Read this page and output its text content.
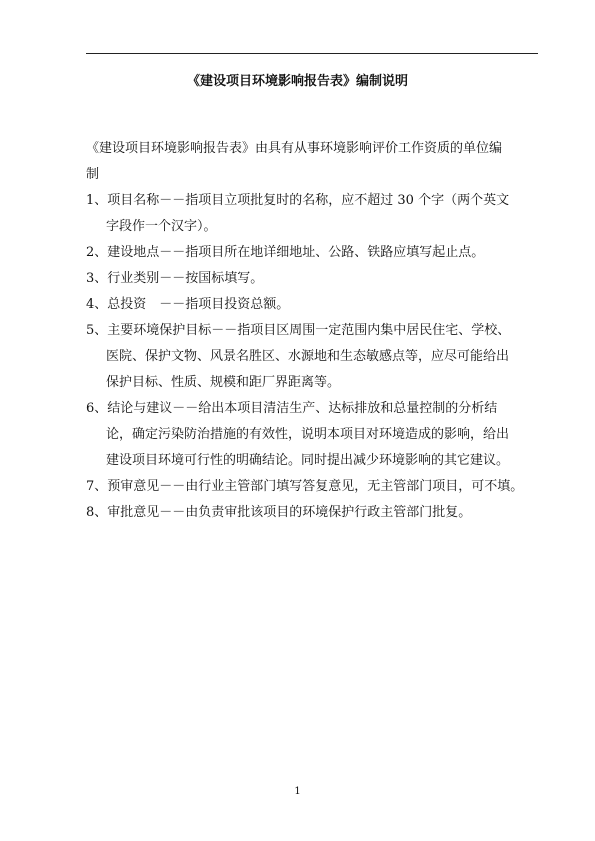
《建设项目环境影响报告表》编制说明
《建设项目环境影响报告表》由具有从事环境影响评价工作资质的单位编
制
1、项目名称－－指项目立项批复时的名称，应不超过 30 个字（两个英文
字段作一个汉字）。
2、建设地点－－指项目所在地详细地址、公路、铁路应填写起止点。
3、行业类别－－按国标填写。
4、总投资　－－指项目投资总额。
5、主要环境保护目标－－指项目区周围一定范围内集中居民住宅、学校、
医院、保护文物、风景名胜区、水源地和生态敏感点等，应尽可能给出
保护目标、性质、规模和距厂界距离等。
6、结论与建议－－给出本项目清洁生产、达标排放和总量控制的分析结
论，确定污染防治措施的有效性，说明本项目对环境造成的影响，给出
建设项目环境可行性的明确结论。同时提出减少环境影响的其它建议。
7、预审意见－－由行业主管部门填写答复意见，无主管部门项目，可不填。
8、审批意见－－由负责审批该项目的环境保护行政主管部门批复。
1
